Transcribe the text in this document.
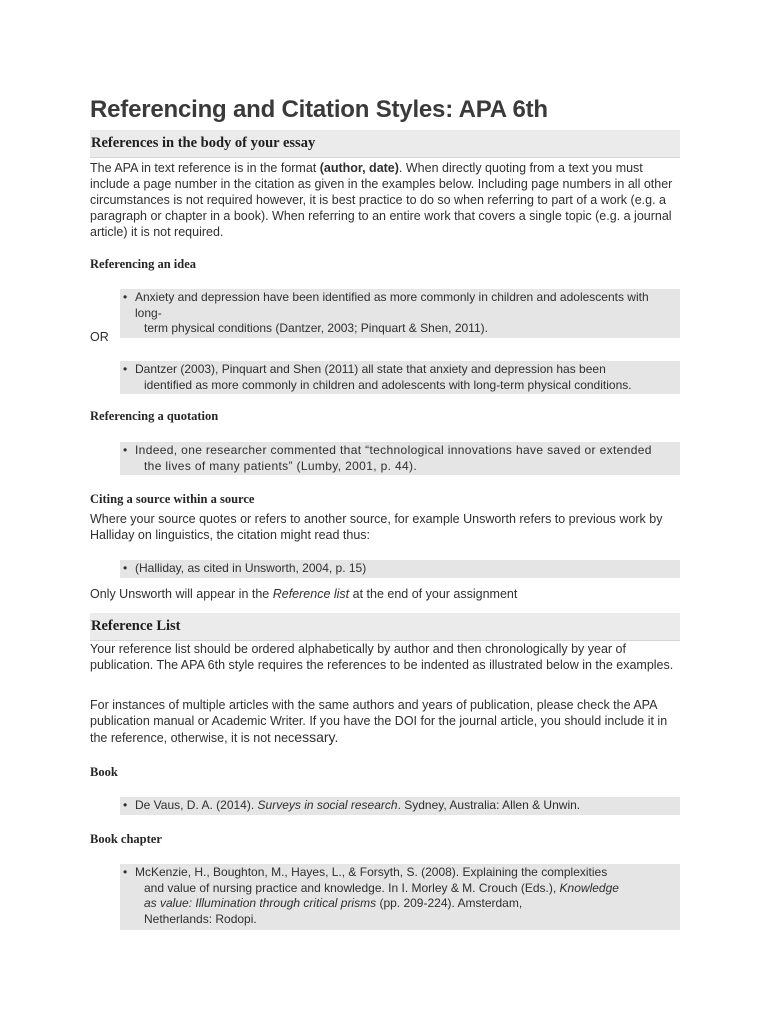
Referencing and Citation Styles: APA 6th
References in the body of your essay

The APA in text reference is in the format (author, date). When directly quoting from a text you must include a page number in the citation as given in the examples below. Including page numbers in all other circumstances is not required however, it is best practice to do so when referring to part of a work (e.g. a paragraph or chapter in a book). When referring to an entire work that covers a single topic (e.g. a journal article) it is not required.

Referencing an idea

• Anxiety and depression have been identified as more commonly in children and adolescents with long-
term physical conditions (Dantzer, 2003; Pinquart & Shen, 2011).

OR

• Dantzer (2003), Pinquart and Shen (2011) all state that anxiety and depression has been
identified as more commonly in children and adolescents with long-term physical conditions.

Referencing a quotation

• Indeed, one researcher commented that “technological innovations have saved or extended
the lives of many patients” (Lumby, 2001, p. 44).

Citing a source within a source

Where your source quotes or refers to another source, for example Unsworth refers to previous work by Halliday on linguistics, the citation might read thus:

• (Halliday, as cited in Unsworth, 2004, p. 15)

Only Unsworth will appear in the Reference list at the end of your assignment

Reference List

Your reference list should be ordered alphabetically by author and then chronologically by year of publication. The APA 6th style requires the references to be indented as illustrated below in the examples.

For instances of multiple articles with the same authors and years of publication, please check the APA publication manual or Academic Writer. If you have the DOI for the journal article, you should include it in the reference, otherwise, it is not necessary.

Book

• De Vaus, D. A. (2014). Surveys in social research. Sydney, Australia: Allen & Unwin.

Book chapter

• McKenzie, H., Boughton, M., Hayes, L., & Forsyth, S. (2008). Explaining the complexities
and value of nursing practice and knowledge. In I. Morley & M. Crouch (Eds.), Knowledge
as value: Illumination through critical prisms (pp. 209-224). Amsterdam,
Netherlands: Rodopi.
